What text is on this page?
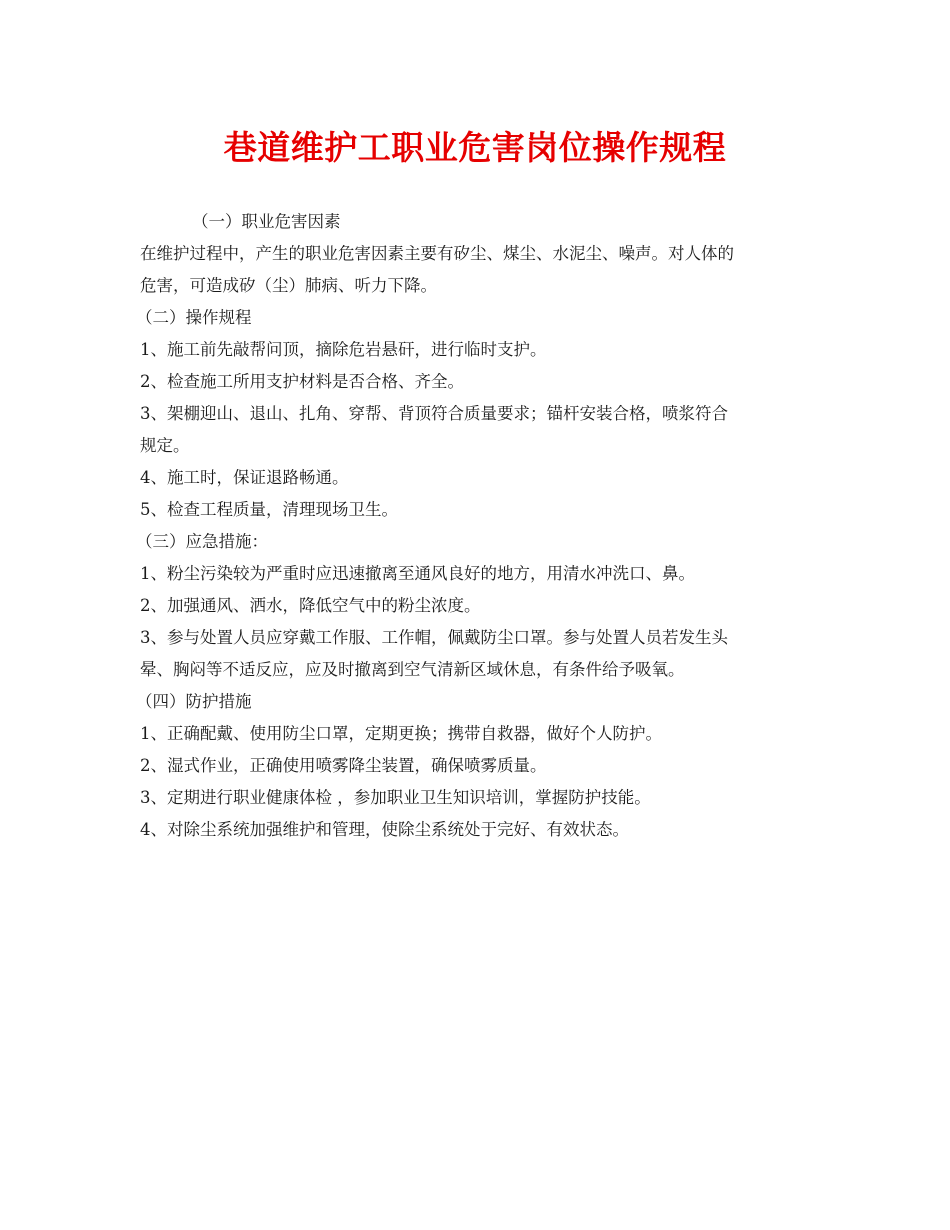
巷道维护工职业危害岗位操作规程

（一）职业危害因素

在维护过程中，产生的职业危害因素主要有矽尘、煤尘、水泥尘、噪声。对人体的

危害，可造成矽（尘）肺病、听力下降。

（二）操作规程

1、施工前先敲帮问顶，摘除危岩悬矸，进行临时支护。

2、检查施工所用支护材料是否合格、齐全。

3、架棚迎山、退山、扎角、穿帮、背顶符合质量要求；锚杆安装合格，喷浆符合

规定。

4、施工时，保证退路畅通。

5、检查工程质量，清理现场卫生。

（三）应急措施：

1、粉尘污染较为严重时应迅速撤离至通风良好的地方，用清水冲洗口、鼻。

2、加强通风、洒水，降低空气中的粉尘浓度。

3、参与处置人员应穿戴工作服、工作帽，佩戴防尘口罩。参与处置人员若发生头

晕、胸闷等不适反应，应及时撤离到空气清新区域休息，有条件给予吸氧。

（四）防护措施

1、正确配戴、使用防尘口罩，定期更换；携带自救器，做好个人防护。

2、湿式作业，正确使用喷雾降尘装置，确保喷雾质量。

3、定期进行职业健康体检 ，参加职业卫生知识培训，掌握防护技能。

4、对除尘系统加强维护和管理，使除尘系统处于完好、有效状态。
